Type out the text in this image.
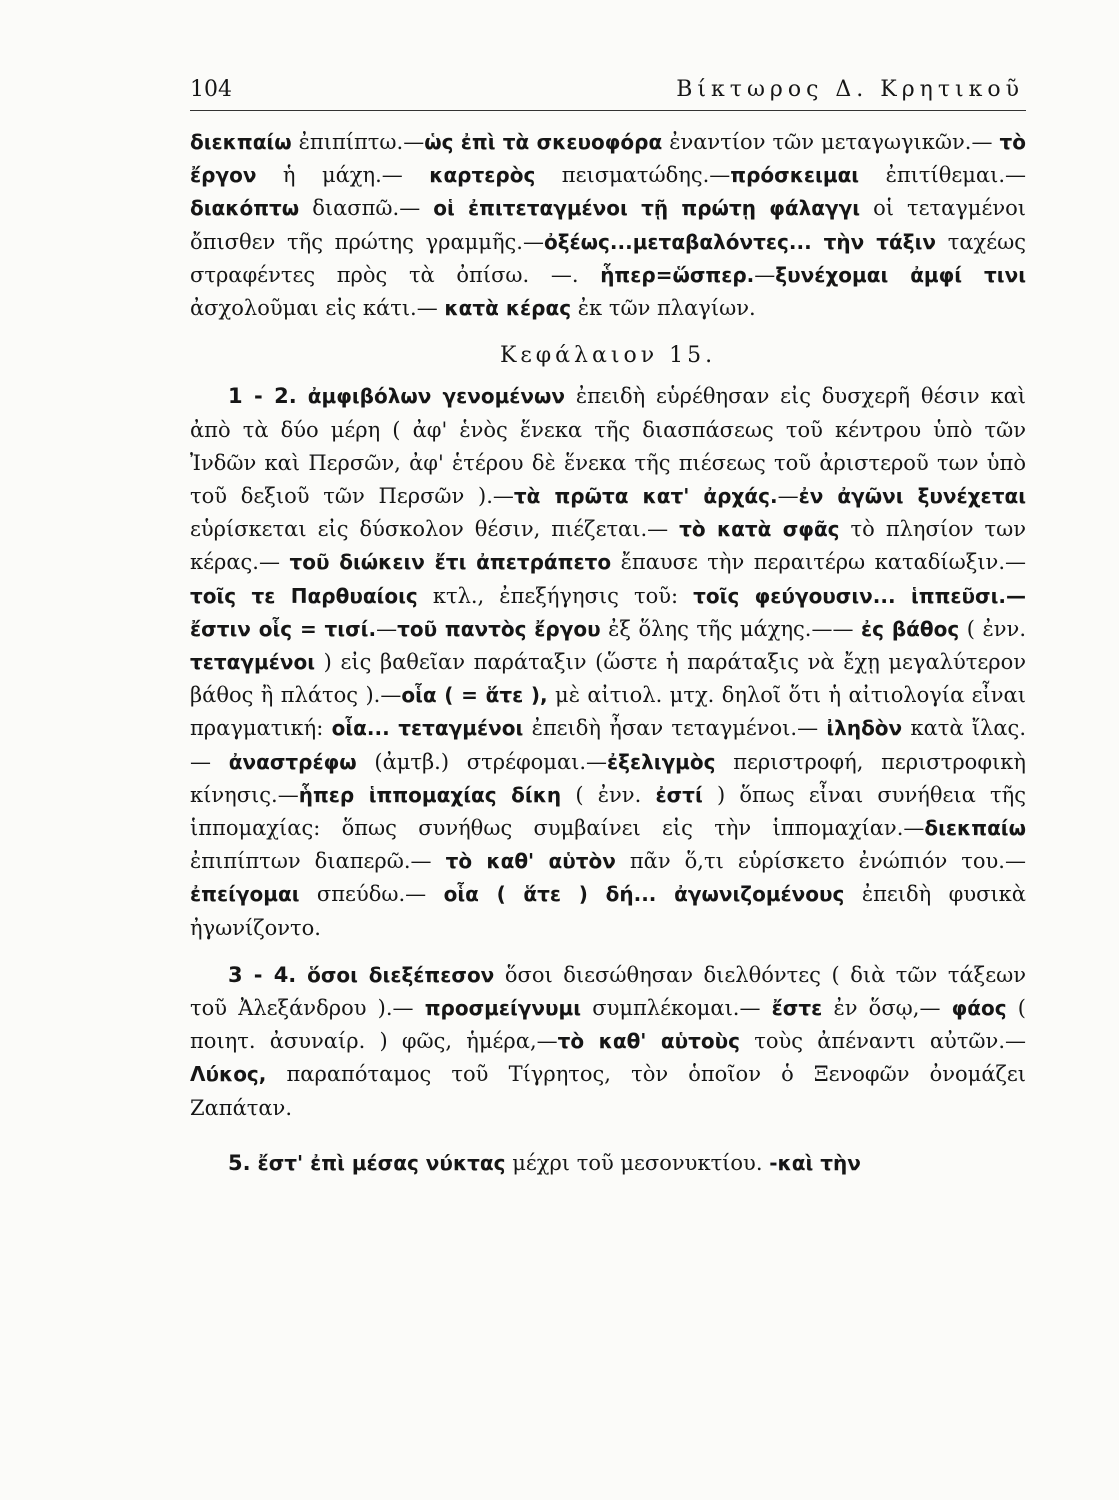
104	Βίκτωρος Δ. Κρητικοῦ

διεκπαίω ἐπιπίπτω.—ὡς ἐπὶ τὰ σκευοφόρα ἐναντίον τῶν μεταγωγικῶν.— τὸ ἔργον ἡ μάχη.— καρτερὸς πεισματώδης.—πρόσκειμαι ἐπιτίθεμαι.—διακόπτω διασπῶ.— οἱ ἐπιτεταγμένοι τῇ πρώτῃ φάλαγγι οἱ τεταγμένοι ὄπισθεν τῆς πρώτης γραμμῆς.—ὀξέως...μεταβαλόντες... τὴν τάξιν ταχέως στραφέντες πρὸς τὰ ὀπίσω. —. ἧπερ=ὥσπερ.—ξυνέχομαι ἀμφί τινι ἀσχολοῦμαι εἰς κάτι.— κατὰ κέρας ἐκ τῶν πλαγίων.

Κεφάλαιον 15.

1 - 2. ἀμφιβόλων γενομένων ἐπειδὴ εὑρέθησαν εἰς δυσχερῆ θέσιν καὶ ἀπὸ τὰ δύο μέρη ( ἀφ' ἑνὸς ἕνεκα τῆς διασπάσεως τοῦ κέντρου ὑπὸ τῶν Ἰνδῶν καὶ Περσῶν, ἀφ' ἑτέρου δὲ ἕνεκα τῆς πιέσεως τοῦ ἀριστεροῦ των ὑπὸ τοῦ δεξιοῦ τῶν Περσῶν ).—τὰ πρῶτα κατ' ἀρχάς.—ἐν ἀγῶνι ξυνέχεται εὑρίσκεται εἰς δύσκολον θέσιν, πιέζεται.— τὸ κατὰ σφᾶς τὸ πλησίον των κέρας.— τοῦ διώκειν ἔτι ἀπετράπετο ἔπαυσε τὴν περαιτέρω καταδίωξιν.— τοῖς τε Παρθυαίοις κτλ., ἐπεξήγησις τοῦ: τοῖς φεύγουσιν... ἱππεῦσι.— ἔστιν οἷς = τισί.—τοῦ παντὸς ἔργου ἐξ ὅλης τῆς μάχης.—— ἐς βάθος ( ἐνν. τεταγμένοι ) εἰς βαθεῖαν παράταξιν (ὥστε ἡ παράταξις νὰ ἔχῃ μεγαλύτερον βάθος ἢ πλάτος ).—οἷα ( = ἅτε ), μὲ αἰτιολ. μτχ. δηλοῖ ὅτι ἡ αἰτιολογία εἶναι πραγματική: οἷα... τεταγμένοι ἐπειδὴ ἦσαν τεταγμένοι.— ἰληδὸν κατὰ ἴλας.— ἀναστρέφω (ἀμτβ.) στρέφομαι.—ἐξελιγμὸς περιστροφή, περιστροφικὴ κίνησις.—ἧπερ ἱππομαχίας δίκη ( ἐνν. ἐστί ) ὅπως εἶναι συνήθεια τῆς ἱππομαχίας: ὅπως συνήθως συμβαίνει εἰς τὴν ἱππομαχίαν.—διεκπαίω ἐπιπίπτων διαπερῶ.— τὸ καθ' αὑτὸν πᾶν ὅ,τι εὑρίσκετο ἐνώπιόν του.—ἐπείγομαι σπεύδω.— οἷα ( ἅτε ) δή... ἀγωνιζομένους ἐπειδὴ φυσικὰ ἠγωνίζοντο.

3 - 4. ὅσοι διεξέπεσον ὅσοι διεσώθησαν διελθόντες ( διὰ τῶν τάξεων τοῦ Ἀλεξάνδρου ).— προσμείγνυμι συμπλέκομαι.— ἔστε ἐν ὅσῳ,— φάος ( ποιητ. ἀσυναίρ. ) φῶς, ἡμέρα,—τὸ καθ' αὑτοὺς τοὺς ἀπέναντι αὐτῶν.—Λύκος, παραπόταμος τοῦ Τίγρητος, τὸν ὁποῖον ὁ Ξενοφῶν ὀνομάζει Ζαπάταν.

5. ἔστ' ἐπὶ μέσας νύκτας μέχρι τοῦ μεσονυκτίου. -καὶ τὴν
